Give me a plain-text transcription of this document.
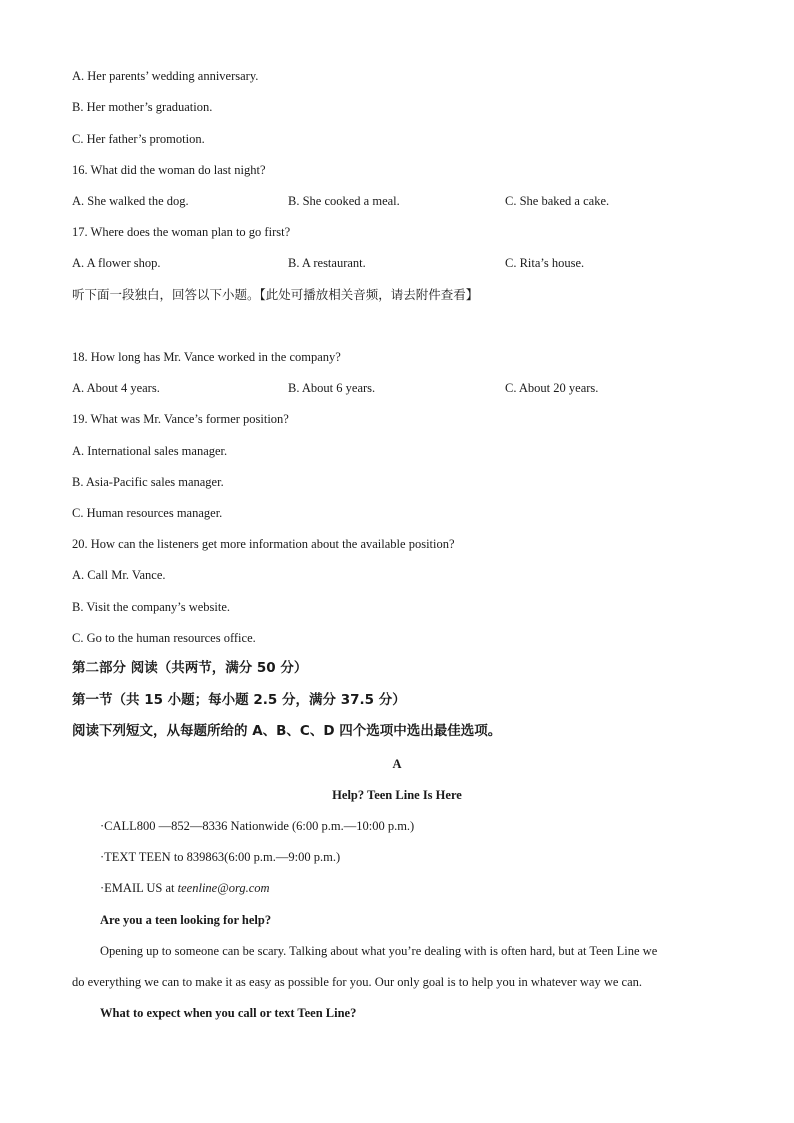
A. Her parents’ wedding anniversary.
B. Her mother’s graduation.
C. Her father’s promotion.
16. What did the woman do last night?
A. She walked the dog.	B. She cooked a meal.	C. She baked a cake.
17. Where does the woman plan to go first?
A. A flower shop.	B. A restaurant.	C. Rita’s house.
听下面一段独白，回答以下小题。【此处可播放相关音频，请去附件查看】
18. How long has Mr. Vance worked in the company?
A. About 4 years.	B. About 6 years.	C. About 20 years.
19. What was Mr. Vance’s former position?
A. International sales manager.
B. Asia-Pacific sales manager.
C. Human resources manager.
20. How can the listeners get more information about the available position?
A. Call Mr. Vance.
B. Visit the company’s website.
C. Go to the human resources office.
第二部分 阅读（共两节，满分 50 分）
第一节（共 15 小题；每小题 2.5 分，满分 37.5 分）
阅读下列短文，从每题所给的 A、B、C、D 四个选项中选出最佳选项。
A
Help? Teen Line Is Here
·CALL800 —852—8336 Nationwide (6:00 p.m.—10:00 p.m.)
·TEXT TEEN to 839863(6:00 p.m.—9:00 p.m.)
·EMAIL US at teenline@org.com
Are you a teen looking for help?
Opening up to someone can be scary. Talking about what you’re dealing with is often hard, but at Teen Line we
do everything we can to make it as easy as possible for you. Our only goal is to help you in whatever way we can.
What to expect when you call or text Teen Line?
